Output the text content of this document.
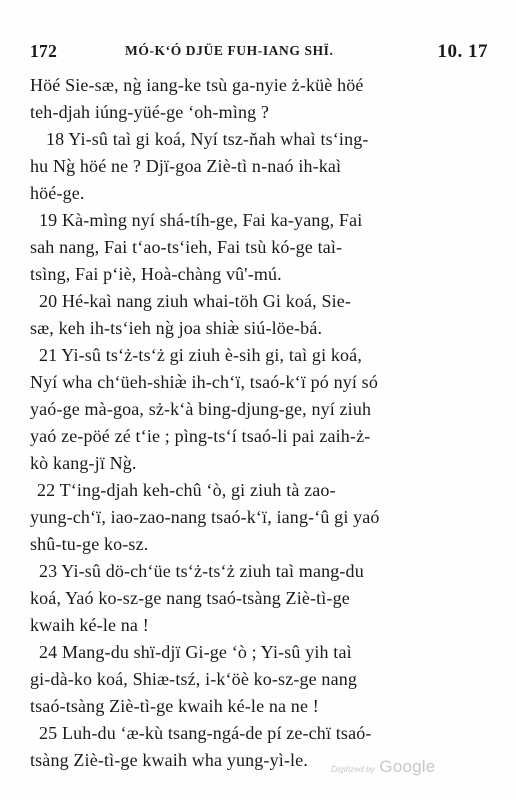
172	MÓ-K‘Ó DJÜE FUH-IANG SHÏ.	10. 17
Höé Sie-sæ, ng̀ iang-ke tsù ga-nyie ż-küè höé
teh-djah iúng-yüé-ge ‘oh-mìng ?
18 Yi-sû taì gi koá, Nyí tsz-ňah whaì ts‘ing-
hu Ng̀ höé ne ? Djï-goa Ziè-tì n-naó ih-kaì
höé-ge.
19 Kà-mìng nyí shá-tíh-ge, Fai ka-yang, Fai
sah nang, Fai t‘ao-ts‘ieh, Fai tsù kó-ge taì-
tsìng, Fai p‘iè, Hoà-chàng vû'-mú.
20 Hé-kaì nang ziuh whai-töh Gi koá, Sie-
sæ, keh ih-ts‘ieh ng̀ joa shiæ̀ siú-löe-bá.
21 Yi-sû ts‘ż-ts‘ż gi ziuh è-sih gi, taì gi koá,
Nyí wha ch‘üeh-shiæ̀ ih-ch‘ï, tsaó-k‘ï pó nyí só
yaó-ge mà-goa, sż-k‘à bing-djung-ge, nyí ziuh
yaó ze-pöé zé t‘ie ; pìng-ts‘í tsaó-li pai zaih-ż-
kò kang-jï Ng̀.
22 T‘ing-djah keh-chû ‘ò, gi ziuh tà zao-
yung-ch‘ï, iao-zao-nang tsaó-k‘ï, iang-‘û gi yaó
shû-tu-ge ko-sz.
23 Yi-sû dö-ch‘üe ts‘ż-ts‘ż ziuh taì mang-du
koá, Yaó ko-sz-ge nang tsaó-tsàng Ziè-tì-ge
kwaih ké-le na !
24 Mang-du shï-djï Gi-ge ‘ò ; Yi-sû yih taì
gi-dà-ko koá, Shiæ-tsź, i-k‘öè ko-sz-ge nang
tsaó-tsàng Ziè-tì-ge kwaih ké-le na ne !
25 Luh-du ‘æ-kù tsang-ngá-de pí ze-chï tsaó-
tsàng Ziè-tì-ge kwaih wha yung-yì-le.	Digitized by Google
